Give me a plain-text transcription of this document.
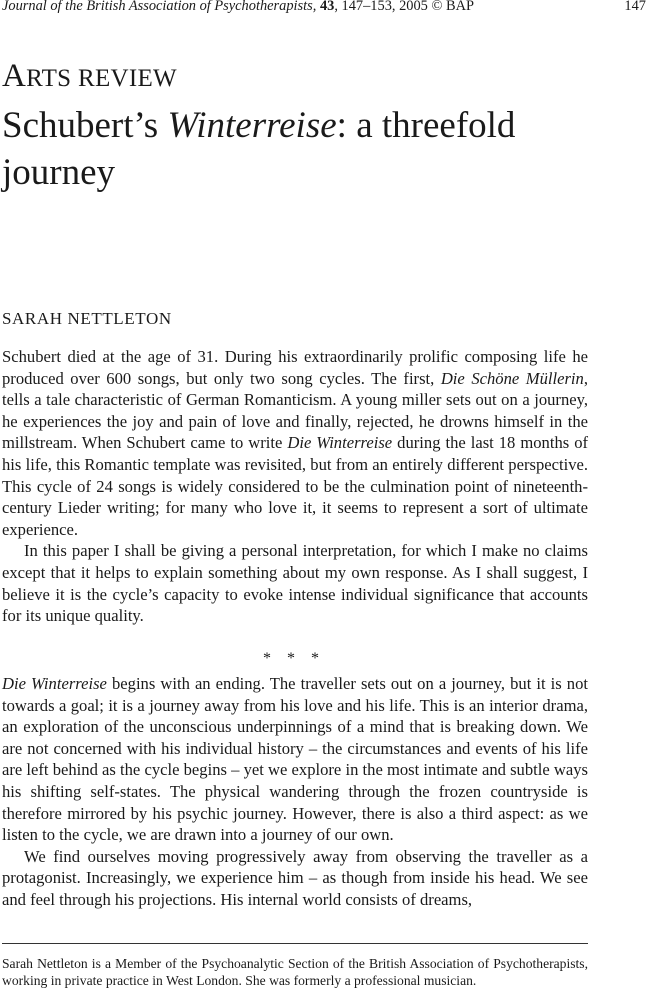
Journal of the British Association of Psychotherapists, 43, 147–153, 2005 © BAP	147
ARTS REVIEW
Schubert’s Winterreise: a threefold journey
SARAH NETTLETON

Schubert died at the age of 31. During his extraordinarily prolific composing life he produced over 600 songs, but only two song cycles. The first, Die Schöne Müllerin, tells a tale characteristic of German Romanticism. A young miller sets out on a journey, he experiences the joy and pain of love and finally, rejected, he drowns himself in the millstream. When Schubert came to write Die Winterreise during the last 18 months of his life, this Romantic template was revisited, but from an entirely different perspective. This cycle of 24 songs is widely considered to be the culmination point of nineteenth-century Lieder writing; for many who love it, it seems to represent a sort of ultimate experience.

In this paper I shall be giving a personal interpretation, for which I make no claims except that it helps to explain something about my own response. As I shall suggest, I believe it is the cycle’s capacity to evoke intense individual significance that accounts for its unique quality.

* * *

Die Winterreise begins with an ending. The traveller sets out on a journey, but it is not towards a goal; it is a journey away from his love and his life. This is an interior drama, an exploration of the unconscious underpinnings of a mind that is breaking down. We are not concerned with his individual history – the circumstances and events of his life are left behind as the cycle begins – yet we explore in the most intimate and subtle ways his shifting self-states. The physical wandering through the frozen countryside is therefore mirrored by his psychic journey. However, there is also a third aspect: as we listen to the cycle, we are drawn into a journey of our own.

We find ourselves moving progressively away from observing the traveller as a protagonist. Increasingly, we experience him – as though from inside his head. We see and feel through his projections. His internal world consists of dreams,

Sarah Nettleton is a Member of the Psychoanalytic Section of the British Association of Psychotherapists, working in private practice in West London. She was formerly a professional musician.
